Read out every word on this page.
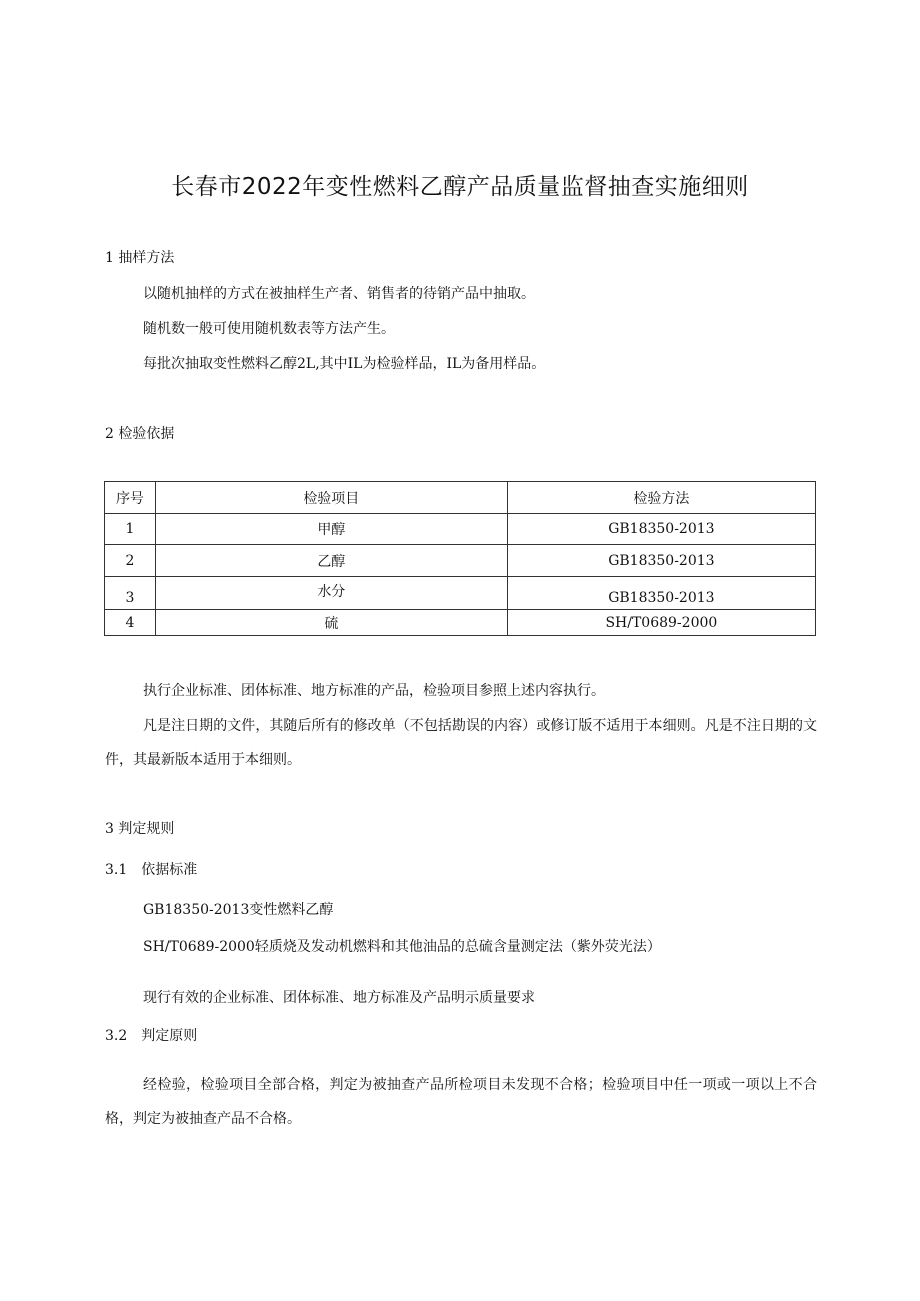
长春市2022年变性燃料乙醇产品质量监督抽查实施细则
1 抽样方法
以随机抽样的方式在被抽样生产者、销售者的待销产品中抽取。
随机数一般可使用随机数表等方法产生。
每批次抽取变性燃料乙醇2L,其中IL为检验样品，IL为备用样品。
2 检验依据
序号	检验项目	检验方法
1	甲醇	GB18350-2013
2	乙醇	GB18350-2013
3	水分	GB18350-2013
4	硫	SH/T0689-2000
执行企业标准、团体标准、地方标准的产品，检验项目参照上述内容执行。
凡是注日期的文件，其随后所有的修改单（不包括勘误的内容）或修订版不适用于本细则。凡是不注日期的文件，其最新版本适用于本细则。
3 判定规则
3.1　依据标准
GB18350-2013变性燃料乙醇
SH/T0689-2000轻质烧及发动机燃料和其他油品的总硫含量测定法（紫外荧光法）
现行有效的企业标准、团体标准、地方标准及产品明示质量要求
3.2　判定原则
经检验，检验项目全部合格，判定为被抽查产品所检项目未发现不合格；检验项目中任一项或一项以上不合格，判定为被抽查产品不合格。
